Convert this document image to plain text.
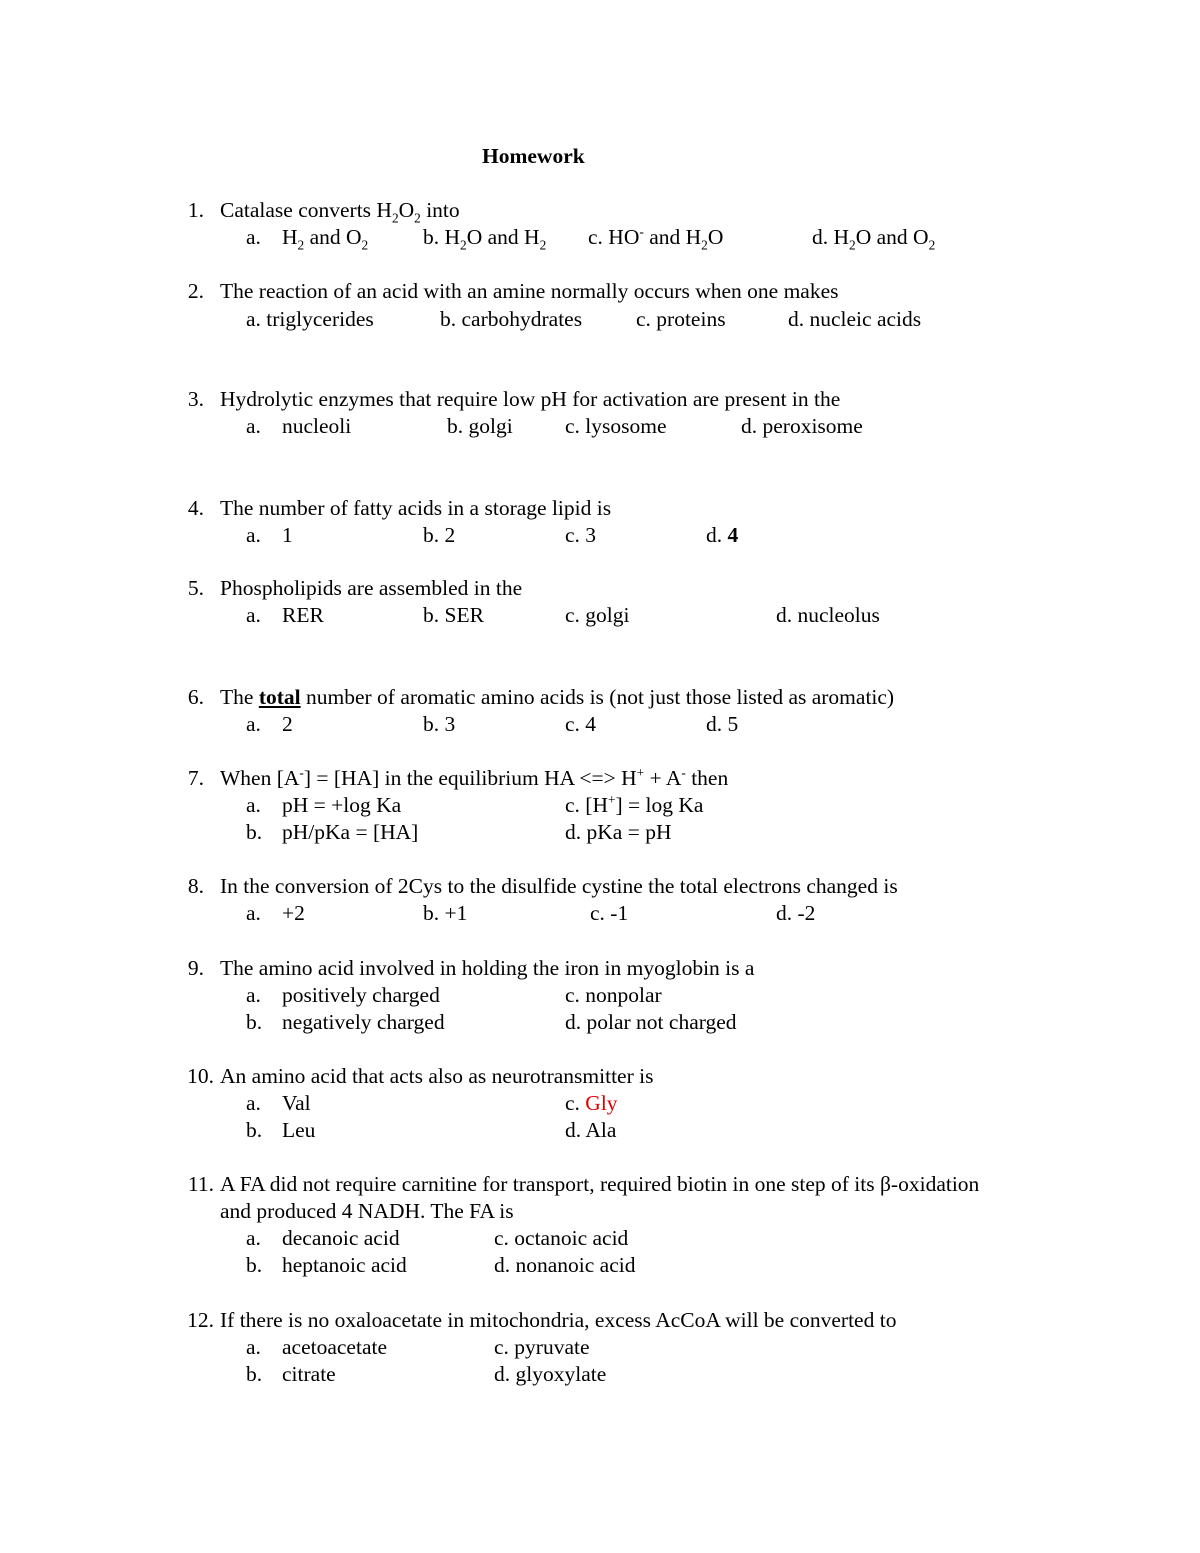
Homework
1. Catalase converts $H_2O_2$ into
a. $H_2$ and $O_2$	b. $H_2O$ and $H_2$ c. HO- and $H_2O$	d. $H_2O$ and $O_2$
2. The reaction of an acid with an amine normally occurs when one makes
a. triglycerides	b. carbohydrates	c. proteins	d. nucleic acids
3. Hydrolytic enzymes that require low pH for activation are present in the
a. nucleoli	b. golgi c. lysosome	d. peroxisome
4. The number of fatty acids in a storage lipid is
a. 1	b. 2	c. 3	d. 4
5. Phospholipids are assembled in the
a. RER	b. SER	c. golgi	d. nucleolus
6. The total number of aromatic amino acids is (not just those listed as aromatic)
a. 2	b. 3	c. 4	d. 5
7. When [A-] = [HA] in the equilibrium HA <=> H+ + A- then
a. pH = +log Ka	c. [H+] = log Ka
b. pH/pKa = [HA]	d. pKa = pH
8. In the conversion of 2Cys to the disulfide cystine the total electrons changed is
a. +2	b. +1	c. -1	d. -2
9. The amino acid involved in holding the iron in myoglobin is a
a. positively charged	c. nonpolar
b. negatively charged	d. polar not charged
10. An amino acid that acts also as neurotransmitter is
a. Val	c. Gly
b. Leu	d. Ala
11. A FA did not require carnitine for transport, required biotin in one step of its β-oxidation
and produced 4 NADH. The FA is
a. decanoic acid	c. octanoic acid
b. heptanoic acid	d. nonanoic acid
12. If there is no oxaloacetate in mitochondria, excess AcCoA will be converted to
a. acetoacetate	c. pyruvate
b. citrate	d. glyoxylate
